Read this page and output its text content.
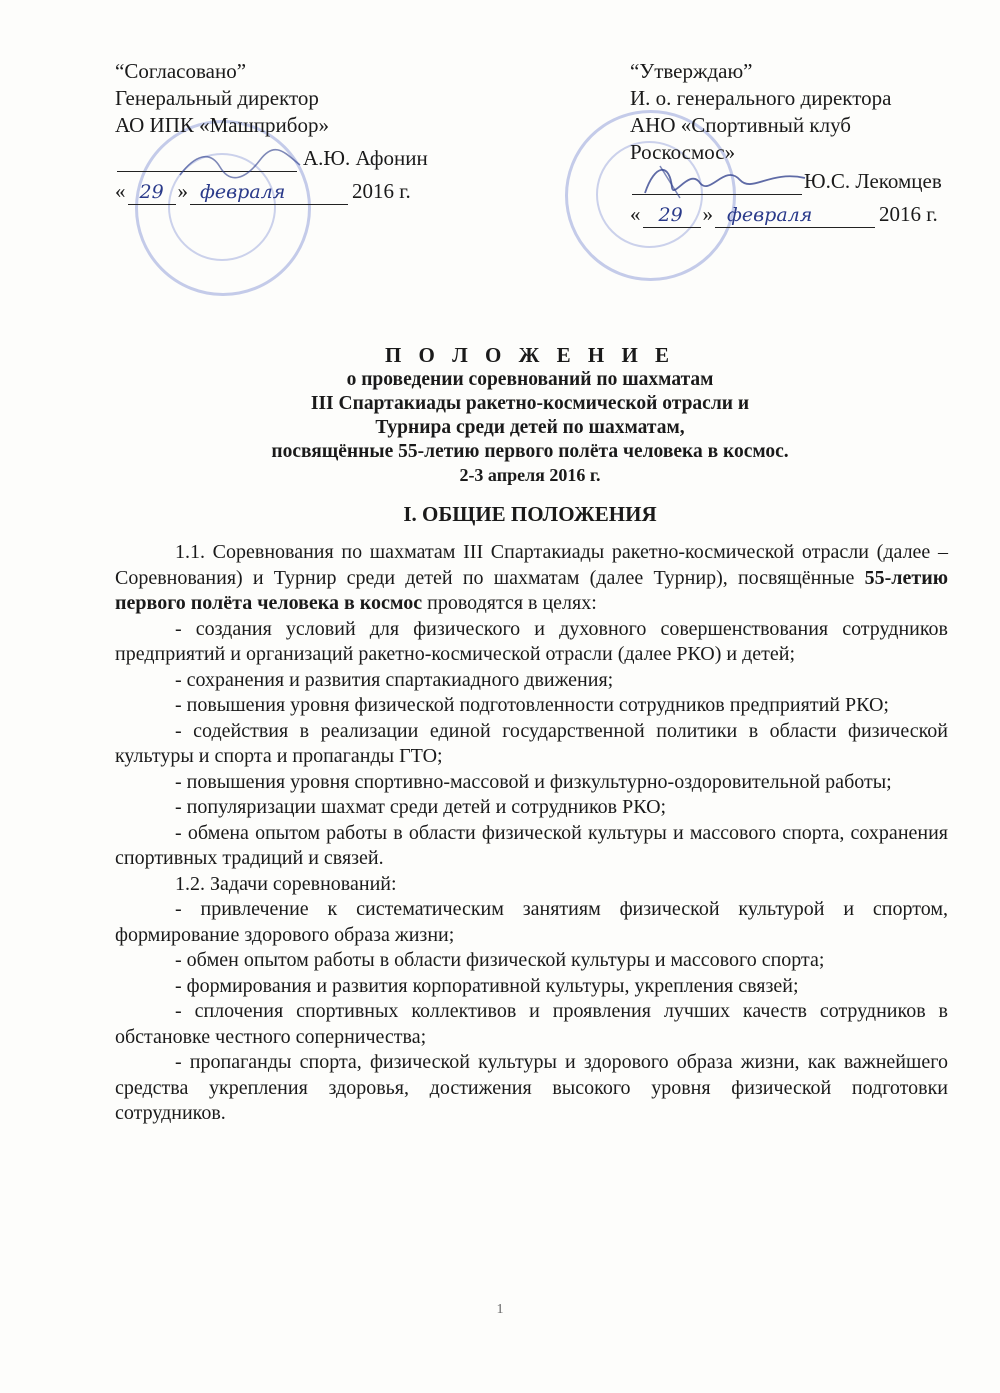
“Согласовано”
Генеральный директор
АО ИПК «Машприбор»
А.Ю. Афонин
« 29 » февраля	2016 г.
“Утверждаю”
И. о. генерального директора
АНО «Спортивный клуб
Роскосмос»
Ю.С. Лекомцев
« 29 » февраля	2016 г.
П О Л О Ж Е Н И Е
о проведении соревнований по шахматам
III Спартакиады ракетно-космической отрасли и
Турнира среди детей по шахматам,
посвящённые 55-летию первого полёта человека в космос.
2-3 апреля 2016 г.
I. ОБЩИЕ ПОЛОЖЕНИЯ

1.1. Соревнования по шахматам III Спартакиады ракетно-космической отрасли (далее – Соревнования) и Турнир среди детей по шахматам (далее Турнир), посвящённые 55-летию первого полёта человека в космос проводятся в целях:

- создания условий для физического и духовного совершенствования сотрудников предприятий и организаций ракетно-космической отрасли (далее РКО) и детей;

- сохранения и развития спартакиадного движения;

- повышения уровня физической подготовленности сотрудников предприятий РКО;

- содействия в реализации единой государственной политики в области физической культуры и спорта и пропаганды ГТО;

- повышения уровня спортивно-массовой и физкультурно-оздоровительной работы;

- популяризации шахмат среди детей и сотрудников РКО;

- обмена опытом работы в области физической культуры и массового спорта, сохранения спортивных традиций и связей.

1.2. Задачи соревнований:

- привлечение к систематическим занятиям физической культурой и спортом, формирование здорового образа жизни;

- обмен опытом работы в области физической культуры и массового спорта;

- формирования и развития корпоративной культуры, укрепления связей;

- сплочения спортивных коллективов и проявления лучших качеств сотрудников в обстановке честного соперничества;

- пропаганды спорта, физической культуры и здорового образа жизни, как важнейшего средства укрепления здоровья, достижения высокого уровня физической подготовки сотрудников.

1
